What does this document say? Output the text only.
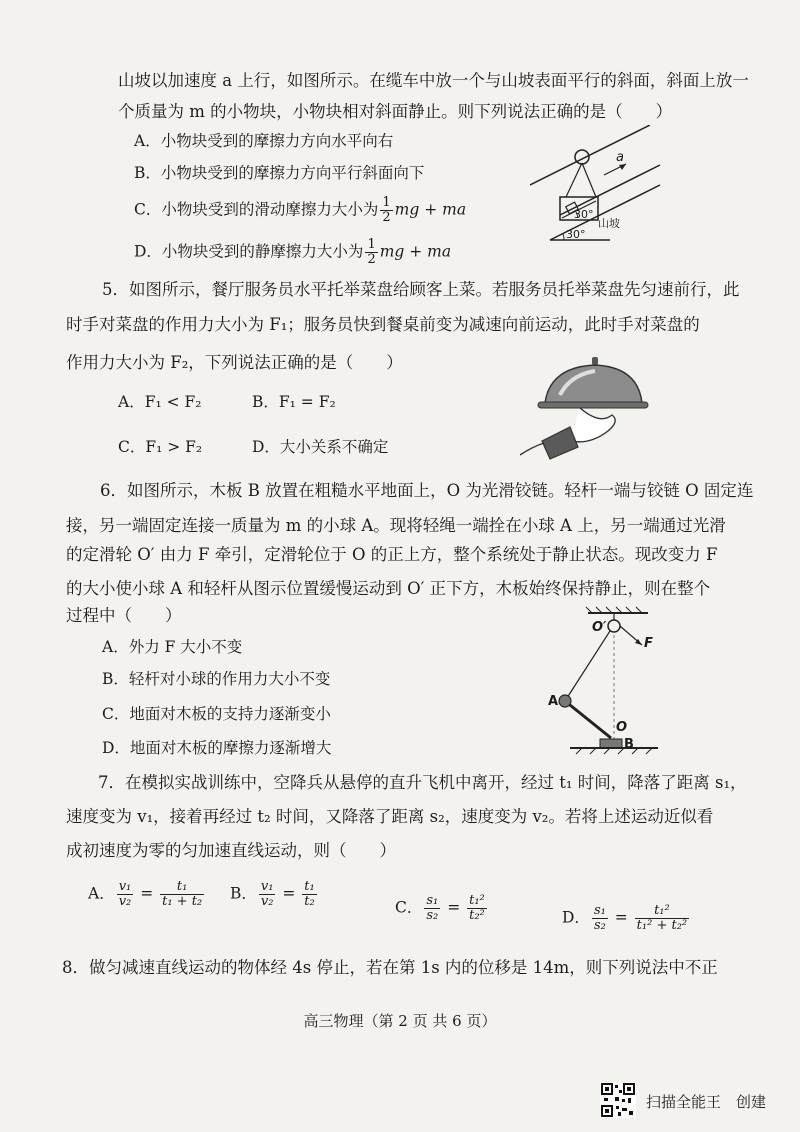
山坡以加速度 a 上行，如图所示。在缆车中放一个与山坡表面平行的斜面，斜面上放一
个质量为 m 的小物块，小物块相对斜面静止。则下列说法正确的是（　　）
A．小物块受到的摩擦力方向水平向右
B．小物块受到的摩擦力方向平行斜面向下
C．小物块受到的滑动摩擦力大小为 $\frac{1}{2}$ mg + ma
D．小物块受到的静摩擦力大小为 $\frac{1}{2}$ mg + ma
a
30°
30°
山坡
5．如图所示，餐厅服务员水平托举菜盘给顾客上菜。若服务员托举菜盘先匀速前行，此
时手对菜盘的作用力大小为 F₁；服务员快到餐桌前变为减速向前运动，此时手对菜盘的
作用力大小为 F₂，下列说法正确的是（　　）
A．F₁ < F₂	B．F₁ = F₂
C．F₁ > F₂	D．大小关系不确定
6．如图所示，木板 B 放置在粗糙水平地面上，O 为光滑铰链。轻杆一端与铰链 O 固定连
接，另一端固定连接一质量为 m 的小球 A。现将轻绳一端拴在小球 A 上，另一端通过光滑
的定滑轮 O′ 由力 F 牵引，定滑轮位于 O 的正上方，整个系统处于静止状态。现改变力 F
的大小使小球 A 和轻杆从图示位置缓慢运动到 O′ 正下方，木板始终保持静止，则在整个
过程中（　　）
A．外力 F 大小不变
B．轻杆对小球的作用力大小不变
C．地面对木板的支持力逐渐变小
D．地面对木板的摩擦力逐渐增大
O′
F
A
O
B
7．在模拟实战训练中，空降兵从悬停的直升飞机中离开，经过 t₁ 时间，降落了距离 s₁，
速度变为 v₁，接着再经过 t₂ 时间，又降落了距离 s₂，速度变为 v₂。若将上述运动近似看
成初速度为零的匀加速直线运动，则（　　）
A． $\frac{\text{v₁}}{\text{v₂}} = \frac{\text{t₁}}{\text{t₁ + t₂}}$ B． $\frac{\text{v₁}}{\text{v₂}} = \frac{\text{t₁}}{\text{t₂}}$	C． $\frac{\text{s₁}}{\text{s₂}} = \frac{\text{t₁²}}{\text{t₂²}}$	D． $\frac{\text{s₁}}{\text{s₂}} = \frac{\text{t₁²}}{\text{t₁² + t₂²}}$
8．做匀减速直线运动的物体经 4s 停止，若在第 1s 内的位移是 14m，则下列说法中不正
高三物理（第 2 页 共 6 页）
扫描全能王　创建
